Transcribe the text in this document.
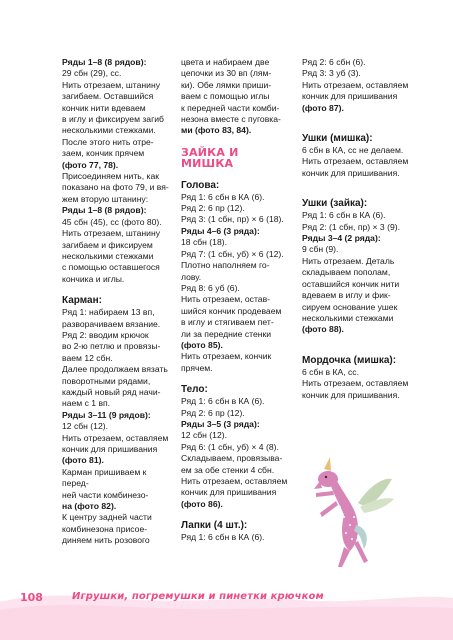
Ряды 1–8 (8 рядов):

29 сбн (29), сс.

Нить отрезаем, штанину

загибаем. Оставшийся

кончик нити вдеваем

в иглу и фиксируем загиб

несколькими стежками.

После этого нить отре-

заем, кончик прячем

(фото 77, 78).

Присоединяем нить, как

показано на фото 79, и вя-

жем вторую штанину:

Ряды 1–8 (8 рядов):

45 сбн (45), сс (фото 80).

Нить отрезаем, штанину

загибаем и фиксируем

несколькими стежками

с помощью оставшегося

кончика и иглы.

Карман:

Ряд 1: набираем 13 вп,

разворачиваем вязание.

Ряд 2: вводим крючок

во 2-ю петлю и провязы-

ваем 12 сбн.

Далее продолжаем вязать

поворотными рядами,

каждый новый ряд начи-

наем с 1 вп.

Ряды 3–11 (9 рядов):

12 сбн (12).

Нить отрезаем, оставляем

кончик для пришивания

(фото 81).

Карман пришиваем к перед-

ней части комбинезо-

на (фото 82).

К центру задней части

комбинезона присое-

диняем нить розового

цвета и набираем две

цепочки из 30 вп (лям-

ки). Обе лямки приши-

ваем с помощью иглы

к передней части комби-

незона вместе с пуговка-

ми (фото 83, 84).

ЗАЙКА И МИШКА

Голова:

Ряд 1: 6 сбн в КА (6).

Ряд 2: 6 пр (12).

Ряд 3: (1 сбн, пр) × 6 (18).

Ряды 4–6 (3 ряда):

18 сбн (18).

Ряд 7: (1 сбн, уб) × 6 (12).

Плотно наполняем го-

лову.

Ряд 8: 6 уб (6).

Нить отрезаем, остав-

шийся кончик продеваем

в иглу и стягиваем пет-

ли за передние стенки

(фото 85).

Нить отрезаем, кончик

прячем.

Тело:

Ряд 1: 6 сбн в КА (6).

Ряд 2: 6 пр (12).

Ряды 3–5 (3 ряда):

12 сбн (12).

Ряд 6: (1 сбн, уб) × 4 (8).

Складываем, провязыва-

ем за обе стенки 4 сбн.

Нить отрезаем, оставляем

кончик для пришивания

(фото 86).

Лапки (4 шт.):

Ряд 1: 6 сбн в КА (6).

Ряд 2: 6 сбн (6).

Ряд 3: 3 уб (3).

Нить отрезаем, оставляем

кончик для пришивания

(фото 87).

Ушки (мишка):

6 сбн в КА, сс не делаем.

Нить отрезаем, оставляем

кончик для пришивания.

Ушки (зайка):

Ряд 1: 6 сбн в КА (6).

Ряд 2: (1 сбн, пр) × 3 (9).

Ряды 3–4 (2 ряда):

9 сбн (9).

Нить отрезаем. Деталь

складываем пополам,

оставшийся кончик нити

вдеваем в иглу и фик-

сируем основание ушек

несколькими стежками

(фото 88).

Мордочка (мишка):

6 сбн в КА, сс.

Нить отрезаем, оставляем

кончик для пришивания.

108	Игрушки, погремушки и пинетки крючком
